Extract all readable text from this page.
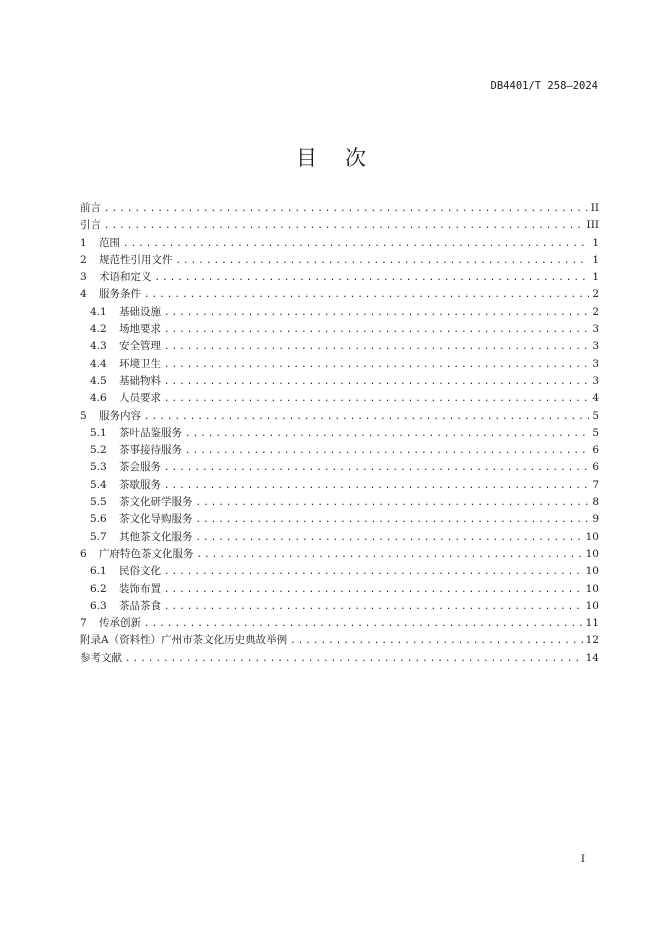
DB4401/T 258—2024
目次
前言 .....	II
引言 .....	III
1	范围 .....	1
2	规范性引用文件 .....	1
3	术语和定义 .....	1
4	服务条件 .....	2
4.1	基础设施 .....	2
4.2	场地要求 .....	3
4.3	安全管理 .....	3
4.4	环境卫生 .....	3
4.5	基础物料 .....	3
4.6	人员要求 .....	4
5	服务内容 .....	5
5.1	茶叶品鉴服务 .....	5
5.2	茶事接待服务 .....	6
5.3	茶会服务 .....	6
5.4	茶歇服务 .....	7
5.5	茶文化研学服务 .....	8
5.6	茶文化导购服务 .....	9
5.7	其他茶文化服务 .....	10
6	广府特色茶文化服务 .....	10
6.1	民俗文化 .....	10
6.2	装饰布置 .....	10
6.3	茶品茶食 .....	10
7	传承创新 .....	11
附录A（资料性）广州市茶文化历史典故举例 .....	12
参考文献 .....	14
I
